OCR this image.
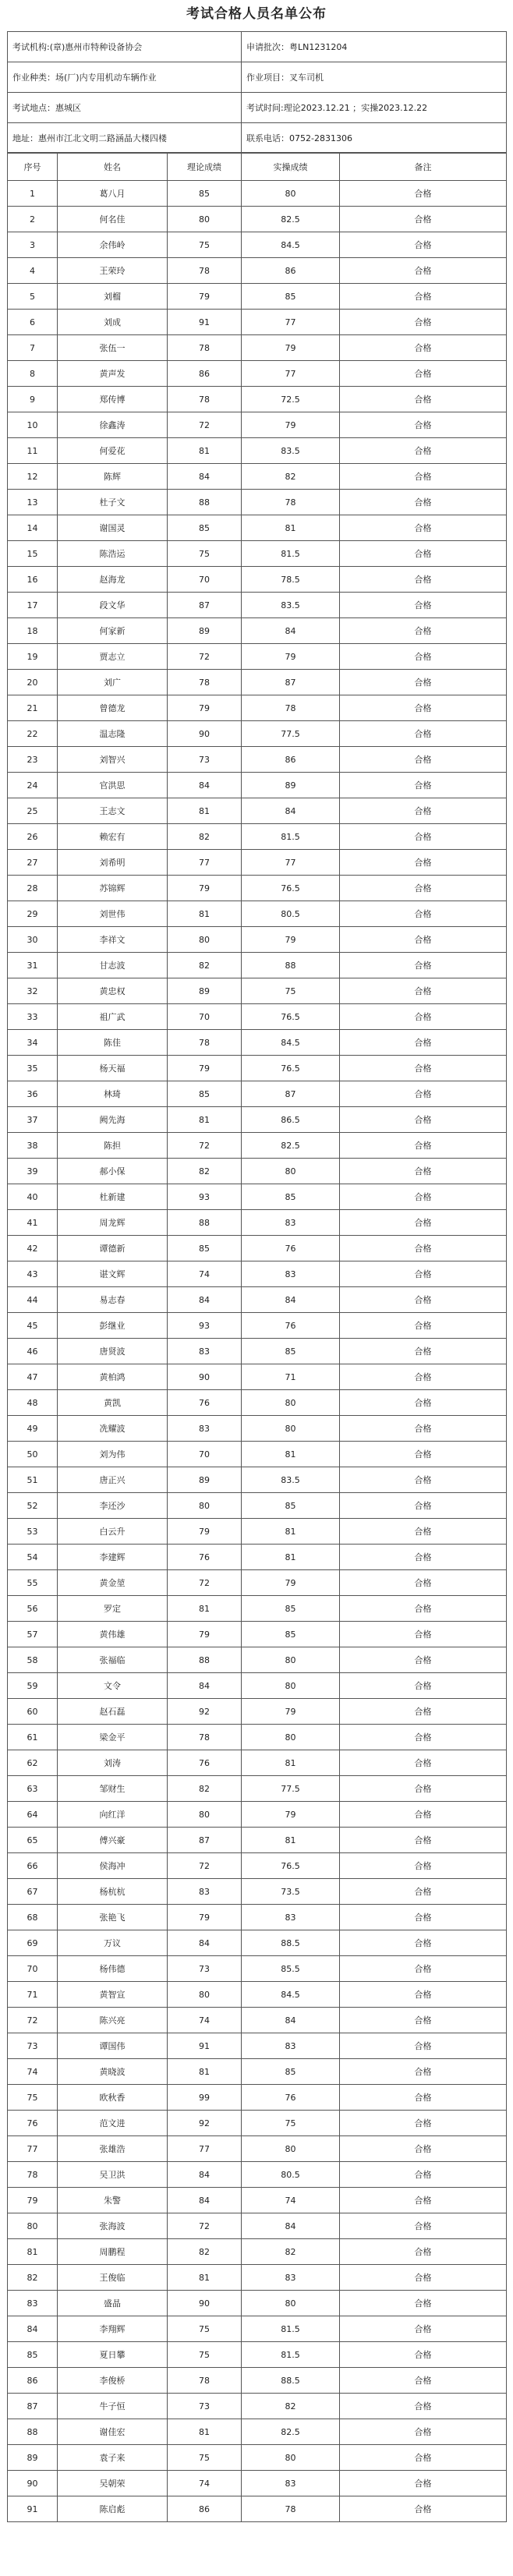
考试合格人员名单公布
考试机构:(章)惠州市特种设备协会	申请批次：粤LN1231204
作业种类：场(厂)内专用机动车辆作业	作业项目：叉车司机
考试地点：惠城区	考试时间:理论2023.12.21 ；实操2023.12.22
地址：惠州市江北文明二路涵晶大楼四楼	联系电话：0752-2831306
序号	姓名	理论成绩	实操成绩	备注
1	葛八月	85	80	合格
2	何名佳	80	82.5	合格
3	余伟岭	75	84.5	合格
4	王荣玲	78	86	合格
5	刘榴	79	85	合格
6	刘成	91	77	合格
7	张伍一	78	79	合格
8	黄声发	86	77	合格
9	郑传博	78	72.5	合格
10	徐鑫涛	72	79	合格
11	何爱花	81	83.5	合格
12	陈辉	84	82	合格
13	杜子文	88	78	合格
14	谢国灵	85	81	合格
15	陈浩运	75	81.5	合格
16	赵海龙	70	78.5	合格
17	段文华	87	83.5	合格
18	何家新	89	84	合格
19	贾志立	72	79	合格
20	刘广	78	87	合格
21	曾德龙	79	78	合格
22	温志隆	90	77.5	合格
23	刘智兴	73	86	合格
24	官洪思	84	89	合格
25	王志文	81	84	合格
26	赖宏有	82	81.5	合格
27	刘希明	77	77	合格
28	苏锦辉	79	76.5	合格
29	刘世伟	81	80.5	合格
30	李祥文	80	79	合格
31	甘志波	82	88	合格
32	黄忠权	89	75	合格
33	祖广武	70	76.5	合格
34	陈佳	78	84.5	合格
35	杨天福	79	76.5	合格
36	林琦	85	87	合格
37	阙先海	81	86.5	合格
38	陈担	72	82.5	合格
39	郝小保	82	80	合格
40	杜新建	93	85	合格
41	周龙辉	88	83	合格
42	谭德新	85	76	合格
43	谌文辉	74	83	合格
44	易志春	84	84	合格
45	彭继业	93	76	合格
46	唐贤波	83	85	合格
47	黄柏鸿	90	71	合格
48	黄凯	76	80	合格
49	冼耀波	83	80	合格
50	刘为伟	70	81	合格
51	唐正兴	89	83.5	合格
52	李还沙	80	85	合格
53	白云升	79	81	合格
54	李建辉	76	81	合格
55	黄金堃	72	79	合格
56	罗定	81	85	合格
57	黄伟雄	79	85	合格
58	张福临	88	80	合格
59	文令	84	80	合格
60	赵石磊	92	79	合格
61	梁金平	78	80	合格
62	刘涛	76	81	合格
63	邹财生	82	77.5	合格
64	向红洋	80	79	合格
65	傅兴豪	87	81	合格
66	侯海冲	72	76.5	合格
67	杨杭杭	83	73.5	合格
68	张艳飞	79	83	合格
69	万议	84	88.5	合格
70	杨伟德	73	85.5	合格
71	黄智宣	80	84.5	合格
72	陈兴亮	74	84	合格
73	谭国伟	91	83	合格
74	黄晓波	81	85	合格
75	欧秋香	99	76	合格
76	范文进	92	75	合格
77	张雄浩	77	80	合格
78	吴卫洪	84	80.5	合格
79	朱警	84	74	合格
80	张海波	72	84	合格
81	周鹏程	82	82	合格
82	王俊临	81	83	合格
83	盛晶	90	80	合格
84	李翔辉	75	81.5	合格
85	夏日攀	75	81.5	合格
86	李俊桥	78	88.5	合格
87	牛子恒	73	82	合格
88	谢佳宏	81	82.5	合格
89	袁子来	75	80	合格
90	吴朝荣	74	83	合格
91	陈启彪	86	78	合格
